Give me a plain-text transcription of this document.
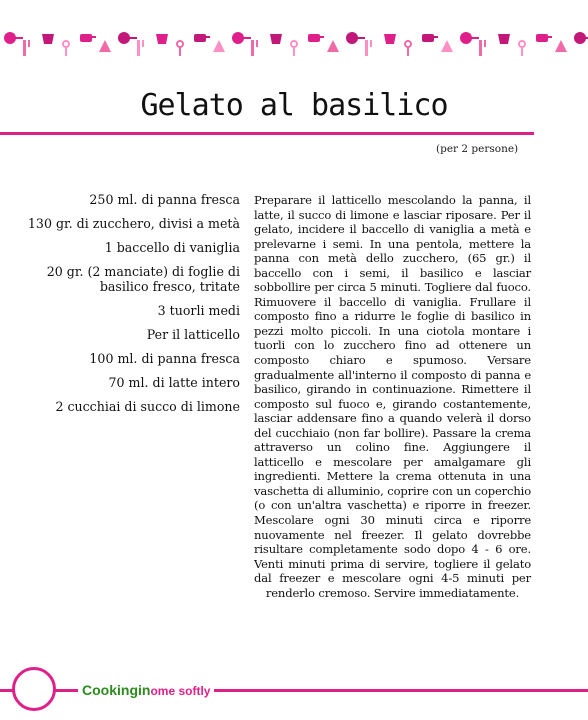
Gelato al basilico
(per 2 persone)
250 ml. di panna fresca
130 gr. di zucchero, divisi a metà
1 baccello di vaniglia
20 gr. (2 manciate) di foglie di basilico fresco, tritate
3 tuorli medi
Per il latticello
100 ml. di panna fresca
70 ml. di latte intero
2 cucchiai di succo di limone
Preparare il latticello mescolando la panna, il latte, il succo di limone e lasciar riposare. Per il gelato, incidere il baccello di vaniglia a metà e prelevarne i semi. In una pentola, mettere la panna con metà dello zucchero, (65 gr.) il baccello con i semi, il basilico e lasciar sobbollire per circa 5 minuti. Togliere dal fuoco. Rimuovere il baccello di vaniglia. Frullare il composto fino a ridurre le foglie di basilico in pezzi molto piccoli. In una ciotola montare i tuorli con lo zucchero fino ad ottenere un composto chiaro e spumoso. Versare gradualmente all'interno il composto di panna e basilico, girando in continuazione. Rimettere il composto sul fuoco e, girando costantemente, lasciar addensare fino a quando velerà il dorso del cucchiaio (non far bollire). Passare la crema attraverso un colino fine. Aggiungere il latticello e mescolare per amalgamare gli ingredienti. Mettere la crema ottenuta in una vaschetta di alluminio, coprire con un coperchio (o con un'altra vaschetta) e riporre in freezer. Mescolare ogni 30 minuti circa e riporre nuovamente nel freezer. Il gelato dovrebbe risultare completamente sodo dopo 4 - 6 ore. Venti minuti prima di servire, togliere il gelato dal freezer e mescolare ogni 4-5 minuti per renderlo cremoso. Servire immediatamente.
Cookinginome softly
